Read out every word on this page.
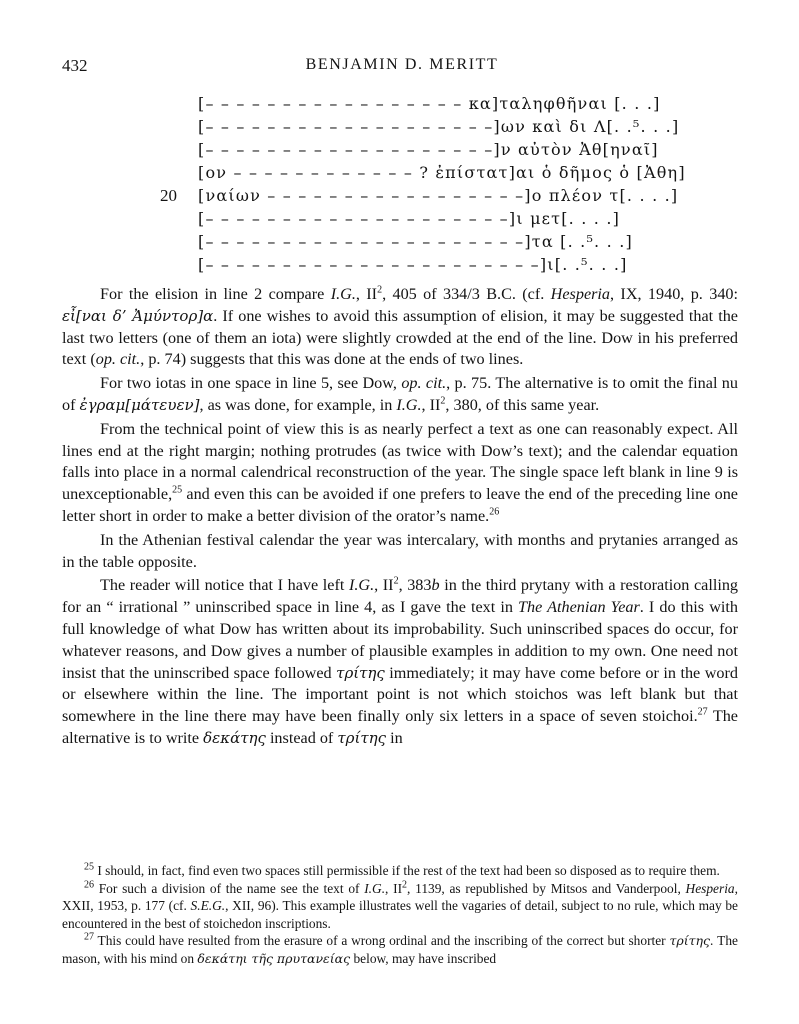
432	BENJAMIN D. MERITT
[– – – – – – – – – – – – – – – – – κα]ταληφθῆναι [. . .]
[– – – – – – – – – – – – – – – – – – –]ων καὶ δι Λ[. .⁵. . .]
[– – – – – – – – – – – – – – – – – – –]ν αὐτὸν Ἀθ[ηναῖ]
[ον – – – – – – – – – – – – ? ἐπίστατ]αι ὁ δῆμος ὁ [Ἀθη]
20	[ναίων – – – – – – – – – – – – – – – – –]ο πλέον τ[. . . .]
[– – – – – – – – – – – – – – – – – – – –]ι μετ[. . . .]
[– – – – – – – – – – – – – – – – – – – – –]τα [. .⁵. . .]
[– – – – – – – – – – – – – – – – – – – – – –]ι[. .⁵. . .]

For the elision in line 2 compare I.G., $II^2$, 405 of 334/3 B.C. (cf. Hesperia, IX, 1940, p. 340: εἶ[ναι δ’ Ἀμύντορ]α. If one wishes to avoid this assumption of elision, it may be suggested that the last two letters (one of them an iota) were slightly crowded at the end of the line. Dow in his preferred text (op. cit., p. 74) suggests that this was done at the ends of two lines.

For two iotas in one space in line 5, see Dow, op. cit., p. 75. The alternative is to omit the final nu of ἐγραμ[μάτευεν], as was done, for example, in I.G., $II^2$, 380, of this same year.

From the technical point of view this is as nearly perfect a text as one can reasonably expect. All lines end at the right margin; nothing protrudes (as twice with Dow’s text); and the calendar equation falls into place in a normal calendrical reconstruction of the year. The single space left blank in line 9 is unexceptionable,$^{25}$ and even this can be avoided if one prefers to leave the end of the preceding line one letter short in order to make a better division of the orator’s name.$^{26}$

In the Athenian festival calendar the year was intercalary, with months and prytanies arranged as in the table opposite.

The reader will notice that I have left I.G., $II^2$, 383b in the third prytany with a restoration calling for an “ irrational ” uninscribed space in line 4, as I gave the text in The Athenian Year. I do this with full knowledge of what Dow has written about its improbability. Such uninscribed spaces do occur, for whatever reasons, and Dow gives a number of plausible examples in addition to my own. One need not insist that the uninscribed space followed τρίτης immediately; it may have come before or in the word or elsewhere within the line. The important point is not which stoichos was left blank but that somewhere in the line there may have been finally only six letters in a space of seven stoichoi.$^{27}$ The alternative is to write δεκάτης instead of τρίτης in

$^{25}$ I should, in fact, find even two spaces still permissible if the rest of the text had been so disposed as to require them.

$^{26}$ For such a division of the name see the text of I.G., $II^2$, 1139, as republished by Mitsos and Vanderpool, Hesperia, XXII, 1953, p. 177 (cf. S.E.G., XII, 96). This example illustrates well the vagaries of detail, subject to no rule, which may be encountered in the best of stoichedon inscriptions.

$^{27}$ This could have resulted from the erasure of a wrong ordinal and the inscribing of the correct but shorter τρίτης. The mason, with his mind on δεκάτηι τῆς πρυτανείας below, may have inscribed
